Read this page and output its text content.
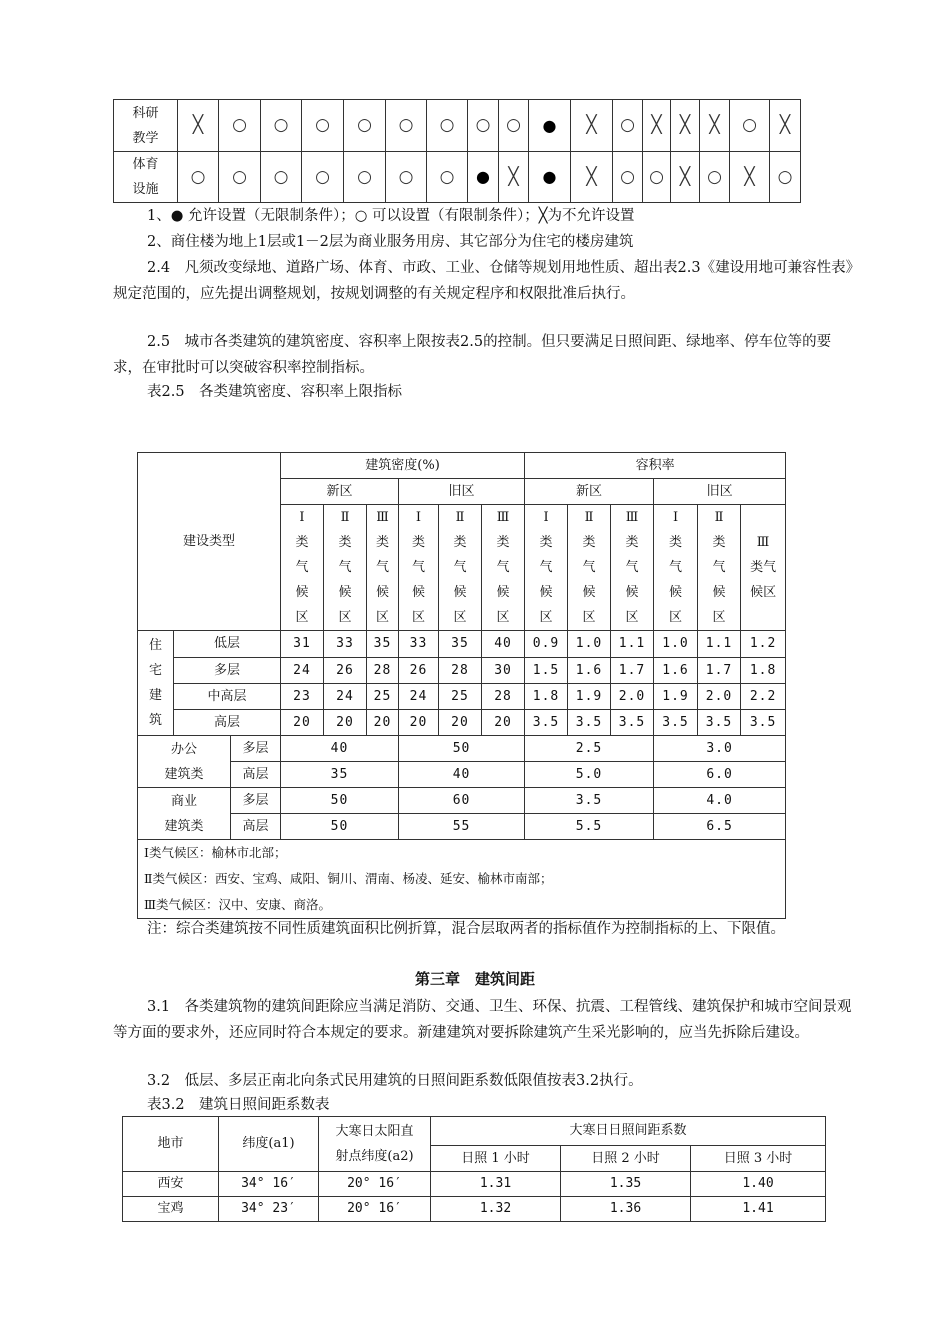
科研
教学	╳	○	○	○	○	○	○	○	○	●	╳	○	╳	╳	╳	○	╳
体育
设施	○	○	○	○	○	○	○	●	╳	●	╳	○	○	╳	○	╳	○
1、● 允许设置（无限制条件）；○ 可以设置（有限制条件）；╳为不允许设置
2、商住楼为地上1层或1－2层为商业服务用房、其它部分为住宅的楼房建筑
2.4　凡须改变绿地、道路广场、体育、市政、工业、仓储等规划用地性质、超出表2.3《建设用地可兼容性表》规定范围的，应先提出调整规划，按规划调整的有关规定程序和权限批准后执行。
2.5　城市各类建筑的建筑密度、容积率上限按表2.5的控制。但只要满足日照间距、绿地率、停车位等的要求，在审批时可以突破容积率控制指标。
表2.5　各类建筑密度、容积率上限指标
建设类型			建筑密度(%)						容积率					
			新区			旧区			新区			旧区		
			Ⅰ
类
气
候
区	Ⅱ
类
气
候
区	Ⅲ
类
气
候
区	Ⅰ
类
气
候
区	Ⅱ
类
气
候
区	Ⅲ
类
气
候
区	Ⅰ
类
气
候
区	Ⅱ
类
气
候
区	Ⅲ
类
气
候
区	Ⅰ
类
气
候
区	Ⅱ
类
气
候
区	Ⅲ
类气
候区
住
宅
建
筑	低层		31	33	35	33	35	40	0.9	1.0	1.1	1.0	1.1	1.2
	多层		24	26	28	26	28	30	1.5	1.6	1.7	1.6	1.7	1.8
	中高层		23	24	25	24	25	28	1.8	1.9	2.0	1.9	2.0	2.2
	高层		20	20	20	20	20	20	3.5	3.5	3.5	3.5	3.5	3.5
办公
建筑类		多层	40			50			2.5			3.0		
		高层	35			40			5.0			6.0		
商业
建筑类		多层	50			60			3.5			4.0		
		高层	50			55			5.5			6.5		

Ⅰ类气候区：榆林市北部；
Ⅱ类气候区：西安、宝鸡、咸阳、铜川、渭南、杨凌、延安、榆林市南部；
Ⅲ类气候区：汉中、安康、商洛。														
注：综合类建筑按不同性质建筑面积比例折算，混合层取两者的指标值作为控制指标的上、下限值。
第三章　建筑间距
3.1　各类建筑物的建筑间距除应当满足消防、交通、卫生、环保、抗震、工程管线、建筑保护和城市空间景观等方面的要求外，还应同时符合本规定的要求。新建建筑对要拆除建筑产生采光影响的，应当先拆除后建设。
3.2　低层、多层正南北向条式民用建筑的日照间距系数低限值按表3.2执行。
表3.2　建筑日照间距系数表
地市	纬度(a1)	大寒日太阳直
射点纬度(a2)	大寒日日照间距系数		
			日照 1 小时	日照 2 小时	日照 3 小时
西安	34° 16′	20° 16′	1.31	1.35	1.40
宝鸡	34° 23′	20° 16′	1.32	1.36	1.41
